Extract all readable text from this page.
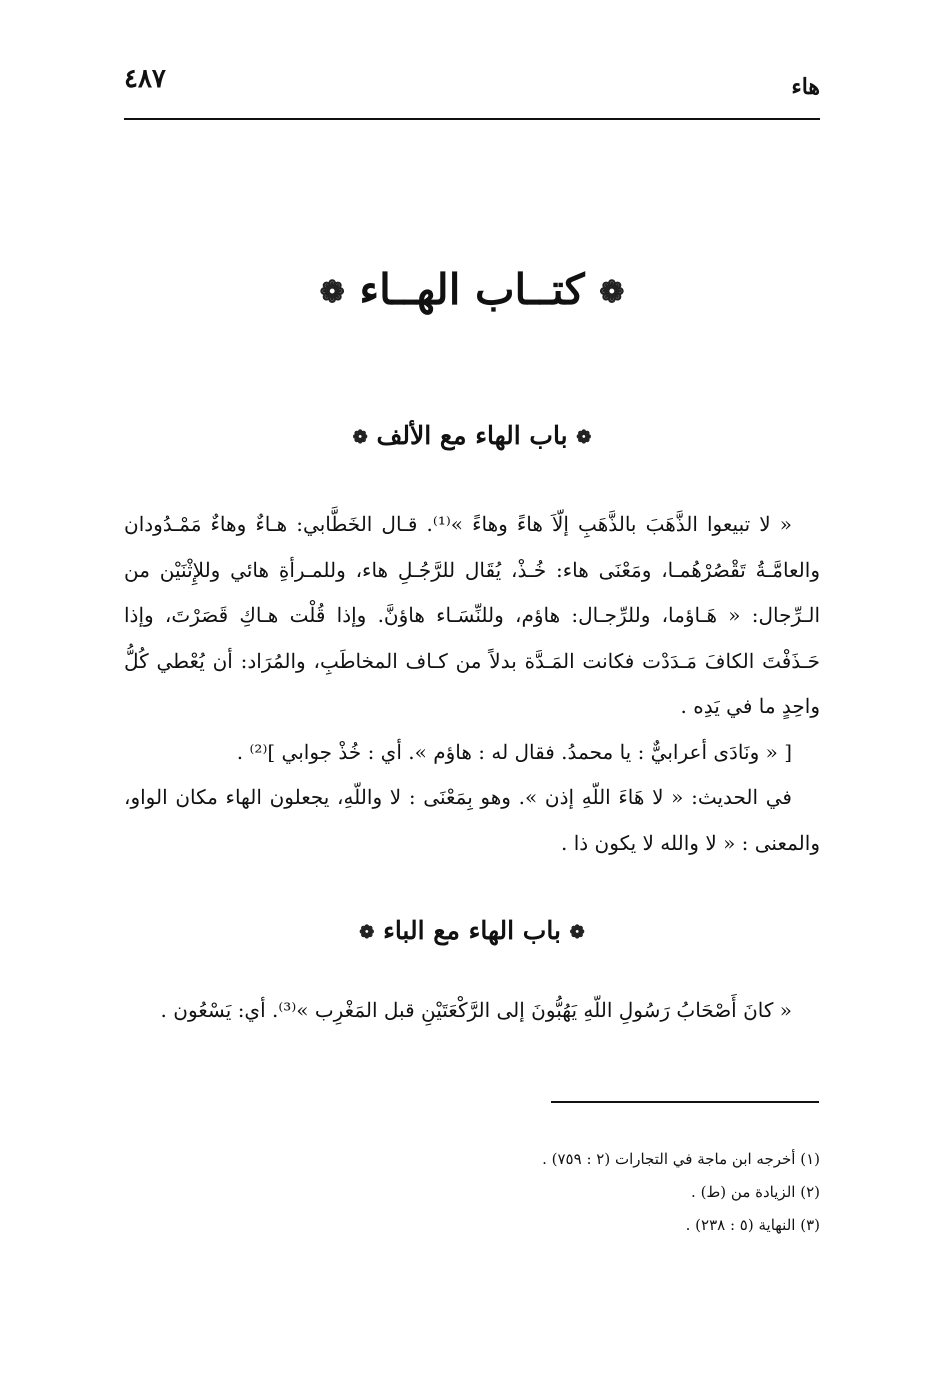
٤٨٧	هاء
❁ كتــاب الهــاء ❁
❁ باب الهاء مع الألف ❁

« لا تبيعوا الذَّهَبَ بالذَّهَبِ إلّاَ هاءً وهاءً »⁽¹⁾. قـال الخَطَّابي: هـاءٌ وهاءٌ مَمْـدُودان والعامَّـةُ تَقْصُرْهُمـا، ومَعْنَى هاء: خُـذْ، يُقَال للرَّجُـلِ هاء، وللمـرأةِ هائي وللإِثْنَيْن من الـرِّجال: « هَـاؤما، وللرِّجـال: هاؤم، وللنِّسَـاء هاؤنَّ. وإذا قُلْت هـاكِ قَصَرْتَ، وإذا حَـذَفْتَ الكافَ مَـدَدْت فكانت المَـدَّة بدلاً من كـاف المخاطَبِ، والمُرَاد: أن يُعْطي كُلُّ واحِدٍ ما في يَدِه .

[ « ونَادَى أعرابيٌّ : يا محمدُ. فقال له : هاؤم ». أي : خُذْ جوابي ]⁽²⁾ .

في الحديث: « لا هَاءَ اللّهِ إذن ». وهو بِمَعْنَى : لا واللّهِ، يجعلون الهاء مكان الواو، والمعنى : « لا والله لا يكون ذا .

❁ باب الهاء مع الباء ❁

« كانَ أَصْحَابُ رَسُولِ اللّهِ يَهُبُّونَ إلى الرَّكْعَتَيْنِ قبل المَغْرِب »⁽³⁾. أي: يَسْعُون .

(١) أخرجه ابن ماجة في التجارات (٢ : ٧٥٩) .

(٢) الزيادة من (ط) .

(٣) النهاية (٥ : ٢٣٨) .
